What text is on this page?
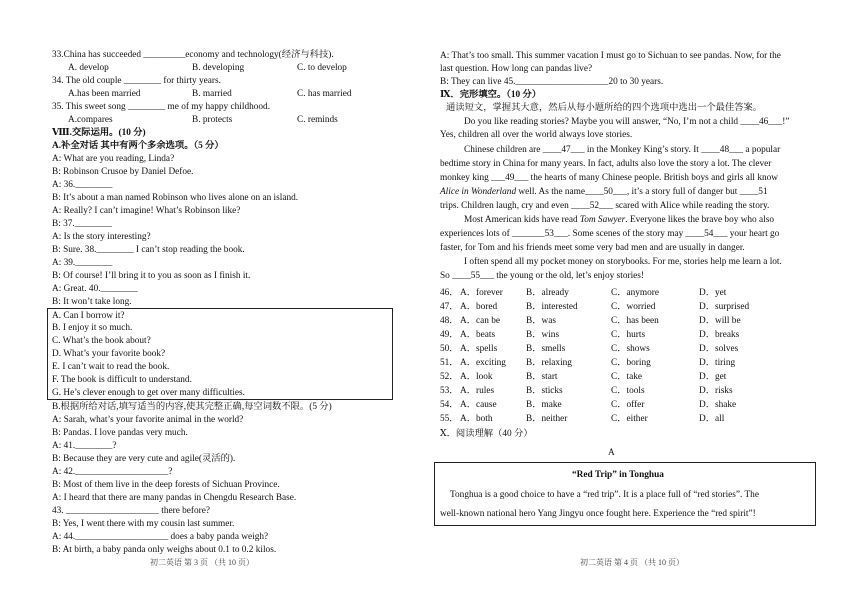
33.China has succeeded _________economy and technology(经济与科技).
A. develop	B. developing	C. to develop
34. The old couple ________ for thirty years.
A.has been married	B. married	C. has married
35. This sweet song ________ me of my happy childhood.
A.compares	B. protects	C. reminds
Ⅷ.交际运用。(10 分)
A.补全对话 其中有两个多余选项。（5 分）
A: What are you reading, Linda?
B: Robinson Crusoe by Daniel Defoe.
A: 36.________
B: It’s about a man named Robinson who lives alone on an island.
A: Really? I can’t imagine! What’s Robinson like?
B: 37.________
A: Is the story interesting?
B: Sure. 38.________ I can’t stop reading the book.
A: 39.________
B: Of course! I’ll bring it to you as soon as I finish it.
A: Great. 40.________
B: It won’t take long.
A. Can I borrow it?
B. I enjoy it so much.
C. What’s the book about?
D. What’s your favorite book?
E. I can’t wait to read the book.
F. The book is difficult to understand.
G. He’s clever enough to get over many difficulties.
B.根据所给对话,填写适当的内容,使其完整正确,每空词数不限。(5 分)
A: Sarah, what’s your favorite animal in the world?
B: Pandas. I love pandas very much.
A: 41.________?
B: Because they are very cute and agile(灵活的).
A: 42.____________________?
B: Most of them live in the deep forests of Sichuan Province.
A: I heard that there are many pandas in Chengdu Research Base.
43. ____________________ there before?
B: Yes, I went there with my cousin last summer.
A: 44.____________________ does a baby panda weigh?
B: At birth, a baby panda only weighs about 0.1 to 0.2 kilos.
初二英语 第 3 页 （共 10 页）
A: That’s too small. This summer vacation I must go to Sichuan to see pandas. Now, for the
last question. How long can pandas live?
B: They can live 45.____________________20 to 30 years.
Ⅸ．完形填空。（10 分）
通读短文，掌握其大意，然后从每小题所给的四个选项中选出一个最佳答案。
Do you like reading stories? Maybe you will answer, “No, I’m not a child ____46___!”
Yes, children all over the world always love stories.
Chinese children are ____47___ in the Monkey King’s story. It ____48___ a popular
bedtime story in China for many years. In fact, adults also love the story a lot. The clever
monkey king ___49___ the hearts of many Chinese people. British boys and girls all know
Alice in Wonderland well. As the name____50___, it’s a story full of danger but ____51
trips. Children laugh, cry and even ____52___ scared with Alice while reading the story.
Most American kids have read Tom Sawyer. Everyone likes the brave boy who also
experiences lots of _______53___. Some scenes of the story may ____54___ your heart go
faster, for Tom and his friends meet some very bad men and are usually in danger.
I often spend all my pocket money on storybooks. For me, stories help me learn a lot.
So ____55___ the young or the old, let’s enjoy stories!
46． A．forever B．already	C．anymore	D．yet
47． A．bored	B．interested	C．worried	D．surprised
48． A．can be	B．was	C．has been	D．will be
49． A．beats	B．wins	C．hurts	D．breaks
50． A．spells	B．smells	C．shows	D．solves
51． A．exciting B．relaxing	C．boring	D．tiring
52． A．look	B．start	C．take	D．get
53． A．rules	B．sticks	C．tools	D．risks
54． A．cause	B．make	C．offer	D．shake
55． A．both	B．neither	C．either	D．all
Ⅹ．阅读理解（40 分）
A
“Red Trip” in Tonghua
Tonghua is a good choice to have a “red trip”. It is a place full of “red stories”. The
well-known national hero Yang Jingyu once fought here. Experience the “red spirit”!
初二英语 第 4 页 （共 10 页）
